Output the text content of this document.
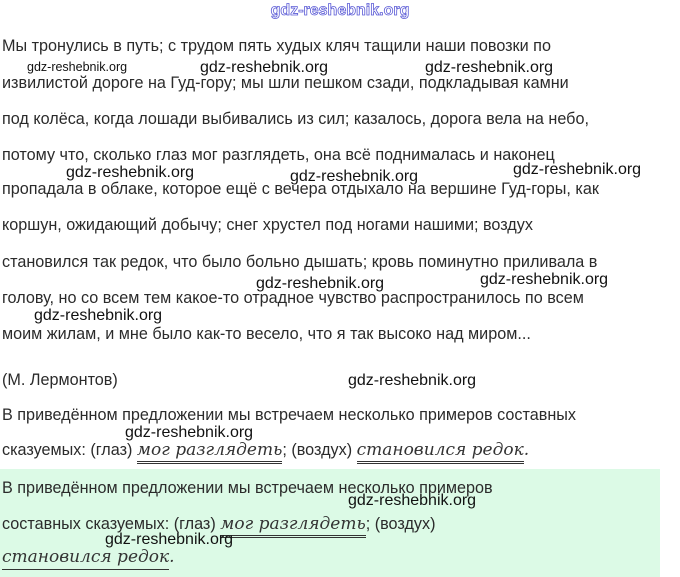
gdz-reshebnik.org
Мы тронулись в путь; с трудом пять худых кляч тащили наши повозки по
извилистой дороге на Гуд-гору; мы шли пешком сзади, подкладывая камни
под колёса, когда лошади выбивались из сил; казалось, дорога вела на небо,
потому что, сколько глаз мог разглядеть, она всё поднималась и наконец
пропадала в облаке, которое ещё с вечера отдыхало на вершине Гуд-горы, как
коршун, ожидающий добычу; снег хрустел под ногами нашими; воздух
становился так редок, что было больно дышать; кровь поминутно приливала в
голову, но со всем тем какое-то отрадное чувство распространилось по всем
моим жилам, и мне было как-то весело, что я так высоко над миром...
(М. Лермонтов)
В приведённом предложении мы встречаем несколько примеров составных
сказуемых: (глаз) мог разглядеть; (воздух) становился редок.
В приведённом предложении мы встречаем несколько примеров
составных сказуемых: (глаз) мог разглядеть; (воздух)
становился редок.
gdz-reshebnik.org	gdz-reshebnik.org	gdz-reshebnik.org
gdz-reshebnik.org	gdz-reshebnik.org	gdz-reshebnik.org
gdz-reshebnik.org	gdz-reshebnik.org
gdz-reshebnik.org
gdz-reshebnik.org
gdz-reshebnik.org
gdz-reshebnik.org
gdz-reshebnik.org
